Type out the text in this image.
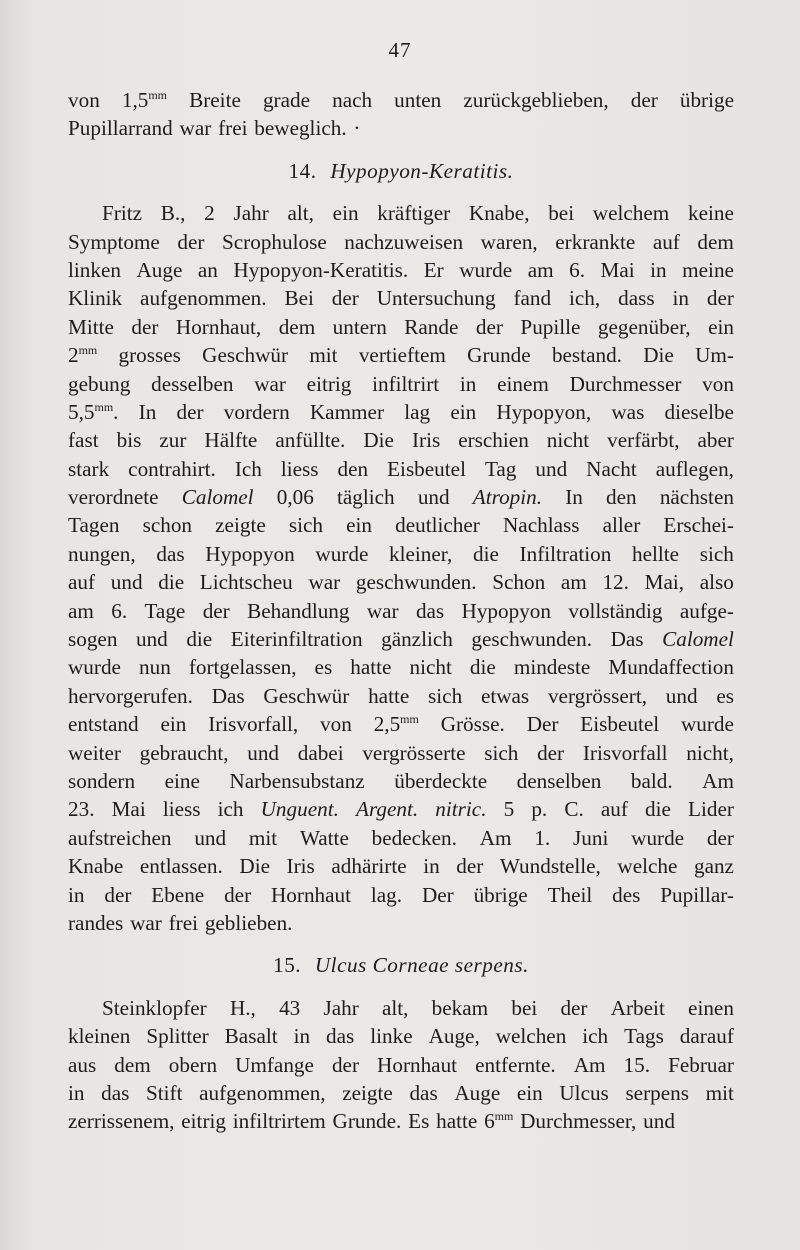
47
von $1,5^{mm}$ Breite grade nach unten zurückgeblieben, der übrige
Pupillarrand war frei beweglich. ·
14. Hypopyon-Keratitis.
Fritz B., 2 Jahr alt, ein kräftiger Knabe, bei welchem keine
Symptome der Scrophulose nachzuweisen waren, erkrankte auf dem
linken Auge an Hypopyon-Keratitis. Er wurde am 6. Mai in meine
Klinik aufgenommen. Bei der Untersuchung fand ich, dass in der
Mitte der Hornhaut, dem untern Rande der Pupille gegenüber, ein
$2^{mm}$ grosses Geschwür mit vertieftem Grunde bestand. Die Um-
gebung desselben war eitrig infiltrirt in einem Durchmesser von
$5,5^{mm}$. In der vordern Kammer lag ein Hypopyon, was dieselbe
fast bis zur Hälfte anfüllte. Die Iris erschien nicht verfärbt, aber
stark contrahirt. Ich liess den Eisbeutel Tag und Nacht auflegen,
verordnete Calomel 0,06 täglich und Atropin. In den nächsten
Tagen schon zeigte sich ein deutlicher Nachlass aller Erschei-
nungen, das Hypopyon wurde kleiner, die Infiltration hellte sich
auf und die Lichtscheu war geschwunden. Schon am 12. Mai, also
am 6. Tage der Behandlung war das Hypopyon vollständig aufge-
sogen und die Eiterinfiltration gänzlich geschwunden. Das Calomel
wurde nun fortgelassen, es hatte nicht die mindeste Mundaffection
hervorgerufen. Das Geschwür hatte sich etwas vergrössert, und es
entstand ein Irisvorfall, von $2,5^{mm}$ Grösse. Der Eisbeutel wurde
weiter gebraucht, und dabei vergrösserte sich der Irisvorfall nicht,
sondern eine Narbensubstanz überdeckte denselben bald. Am
23. Mai liess ich Unguent. Argent. nitric. 5 p. C. auf die Lider
aufstreichen und mit Watte bedecken. Am 1. Juni wurde der
Knabe entlassen. Die Iris adhärirte in der Wundstelle, welche ganz
in der Ebene der Hornhaut lag. Der übrige Theil des Pupillar-
randes war frei geblieben.
15. Ulcus Corneae serpens.
Steinklopfer H., 43 Jahr alt, bekam bei der Arbeit einen
kleinen Splitter Basalt in das linke Auge, welchen ich Tags darauf
aus dem obern Umfange der Hornhaut entfernte. Am 15. Februar
in das Stift aufgenommen, zeigte das Auge ein Ulcus serpens mit
zerrissenem, eitrig infiltrirtem Grunde. Es hatte $6^{mm}$ Durchmesser, und
